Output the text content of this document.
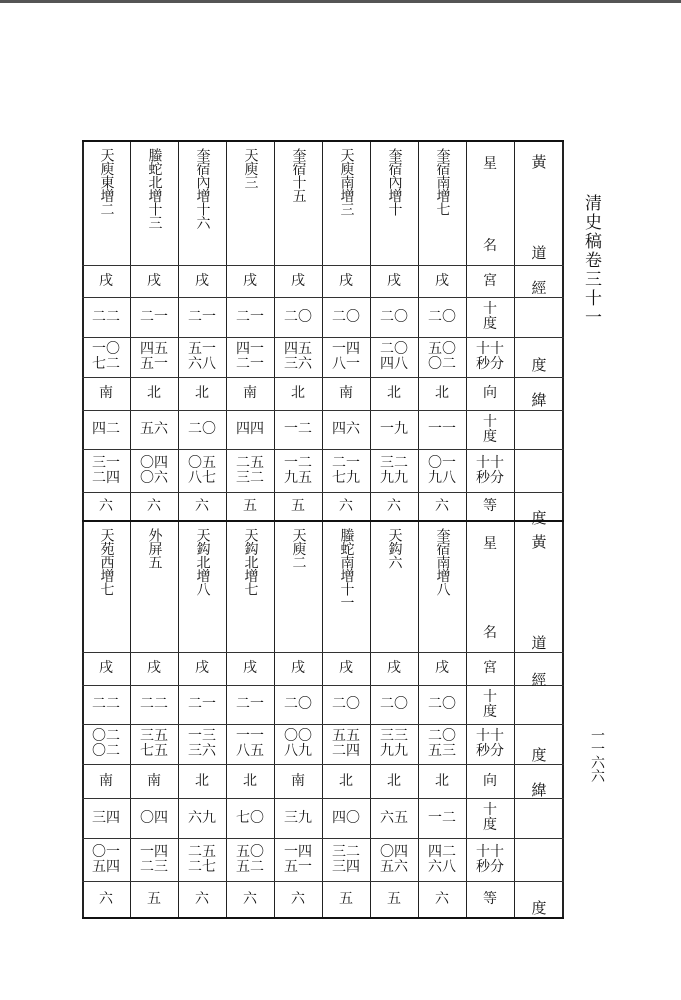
清史稿卷三十一
一一六六
奎宿南增七
戌
二〇
五〇
〇二
北
一一
〇一
九八
六
奎宿內增十
戌
二〇
二〇
四八
北
一九
三二
九九
六
天庾南增三
戌
二〇
一四
八一
南
四六
二一
七九
六
奎宿十五
戌
二〇
四五
三六
北
一二
一二
九五
五
天庾三
戌
二一
四一
二一
南
四四
二五
三二
五
奎宿內增十六
戌
二一
五一
六八
北
二〇
〇五
八七
六
螣蛇北增十三
戌
二一
四五
五一
北
五六
〇四
〇六
六
天庾東增二
戌
二二
一〇
七二
南
四二
三一
二四
六
星
名
宮
十
度
十十
秒分
向
十
度
十十
秒分
等
奎宿南增八
戌
二〇
二〇
五三
北
一二
四二
六八
六
天鈎六
戌
二〇
三三
九九
北
六五
〇四
五六
五
螣蛇南增十一
戌
二〇
五五
二四
北
四〇
三二
三四
五
天庾二
戌
二〇
〇〇
八九
南
三九
一四
五一
六
天鈎北增七
戌
二一
一一
八五
北
七〇
五〇
五二
六
天鈎北增八
戌
二一
一三
三六
北
六九
二五
二七
六
外屏五
戌
二二
三五
七五
南
〇四
一四
二三
五
天苑西增七
戌
二二
〇二
〇二
南
三四
〇一
五四
六
星
名
宮
十
度
十十
秒分
向
十
度
十十
秒分
等
黃
道
經
度
緯
度
黃
道
經
度
緯
度
